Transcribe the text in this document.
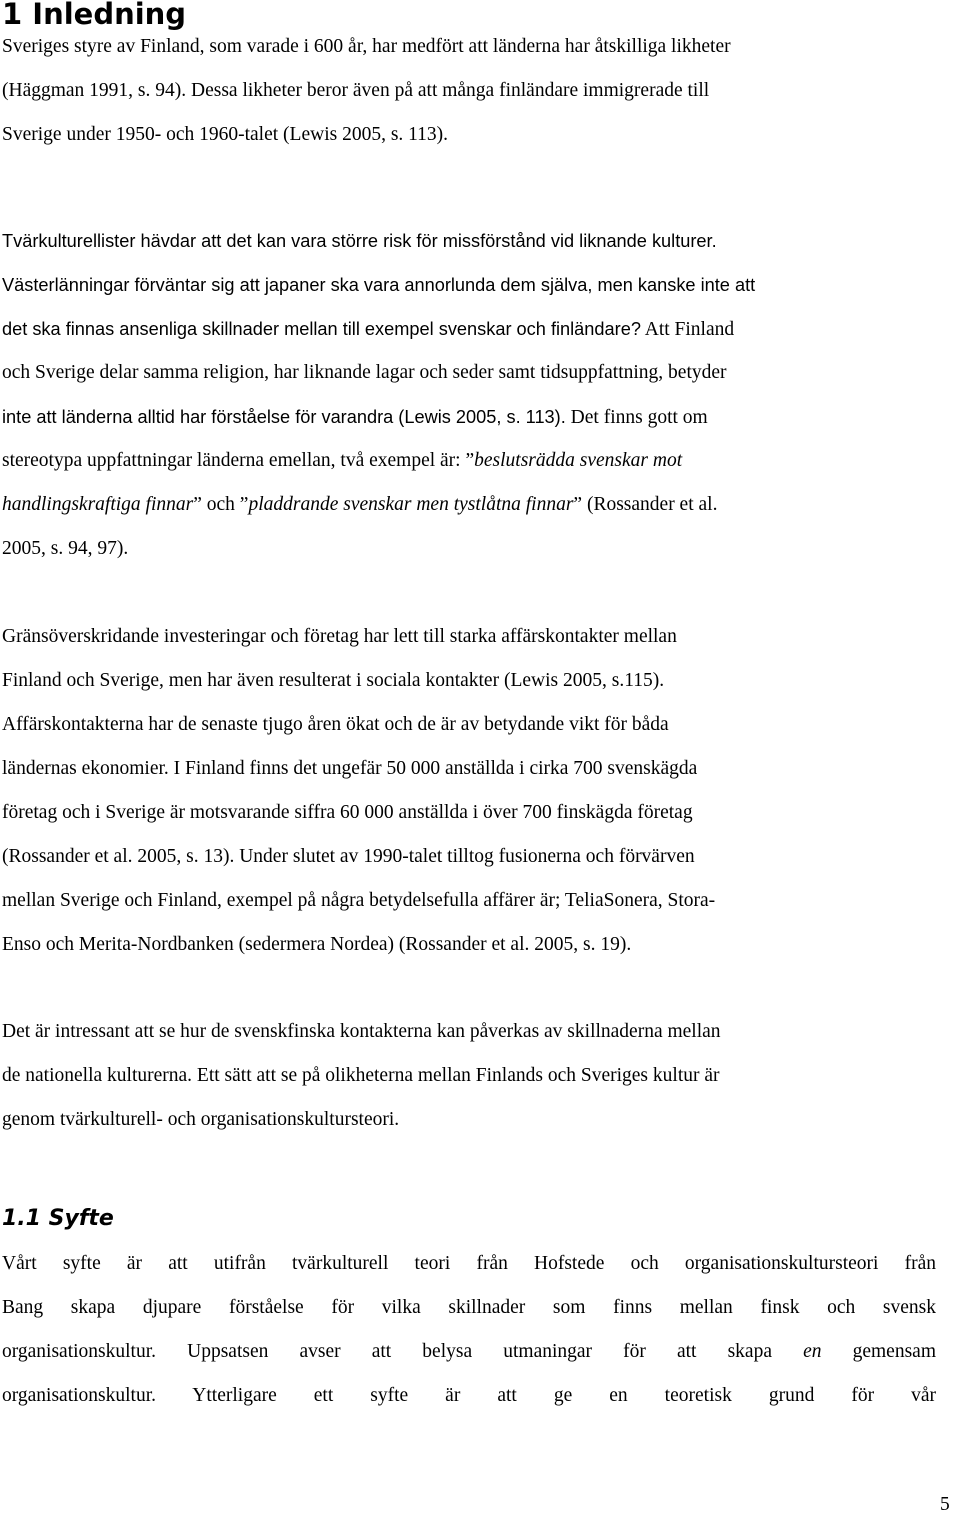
1 Inledning
Sveriges styre av Finland, som varade i 600 år, har medfört att länderna har åtskilliga likheter
(Häggman 1991, s. 94). Dessa likheter beror även på att många finländare immigrerade till
Sverige under 1950- och 1960-talet (Lewis 2005, s. 113).
Tvärkulturellister hävdar att det kan vara större risk för missförstånd vid liknande kulturer.
Västerlänningar förväntar sig att japaner ska vara annorlunda dem själva, men kanske inte att
det ska finnas ansenliga skillnader mellan till exempel svenskar och finländare? Att Finland
och Sverige delar samma religion, har liknande lagar och seder samt tidsuppfattning, betyder
inte att länderna alltid har förståelse för varandra (Lewis 2005, s. 113). Det finns gott om
stereotypa uppfattningar länderna emellan, två exempel är: ”beslutsrädda svenskar mot
handlingskraftiga finnar” och ”pladdrande svenskar men tystlåtna finnar” (Rossander et al.
2005, s. 94, 97).
Gränsöverskridande investeringar och företag har lett till starka affärskontakter mellan
Finland och Sverige, men har även resulterat i sociala kontakter (Lewis 2005, s.115).
Affärskontakterna har de senaste tjugo åren ökat och de är av betydande vikt för båda
ländernas ekonomier. I Finland finns det ungefär 50 000 anställda i cirka 700 svenskägda
företag och i Sverige är motsvarande siffra 60 000 anställda i över 700 finskägda företag
(Rossander et al. 2005, s. 13). Under slutet av 1990-talet tilltog fusionerna och förvärven
mellan Sverige och Finland, exempel på några betydelsefulla affärer är; TeliaSonera, Stora-
Enso och Merita-Nordbanken (sedermera Nordea) (Rossander et al. 2005, s. 19).
Det är intressant att se hur de svenskfinska kontakterna kan påverkas av skillnaderna mellan
de nationella kulturerna. Ett sätt att se på olikheterna mellan Finlands och Sveriges kultur är
genom tvärkulturell- och organisationskultursteori.
1.1 Syfte
Vårt syfte är att utifrån tvärkulturell teori från Hofstede och organisationskultursteori från
Bang skapa djupare förståelse för vilka skillnader som finns mellan finsk och svensk
organisationskultur. Uppsatsen avser att belysa utmaningar för att skapa en gemensam
organisationskultur. Ytterligare ett syfte är att ge en teoretisk grund för vår
5
